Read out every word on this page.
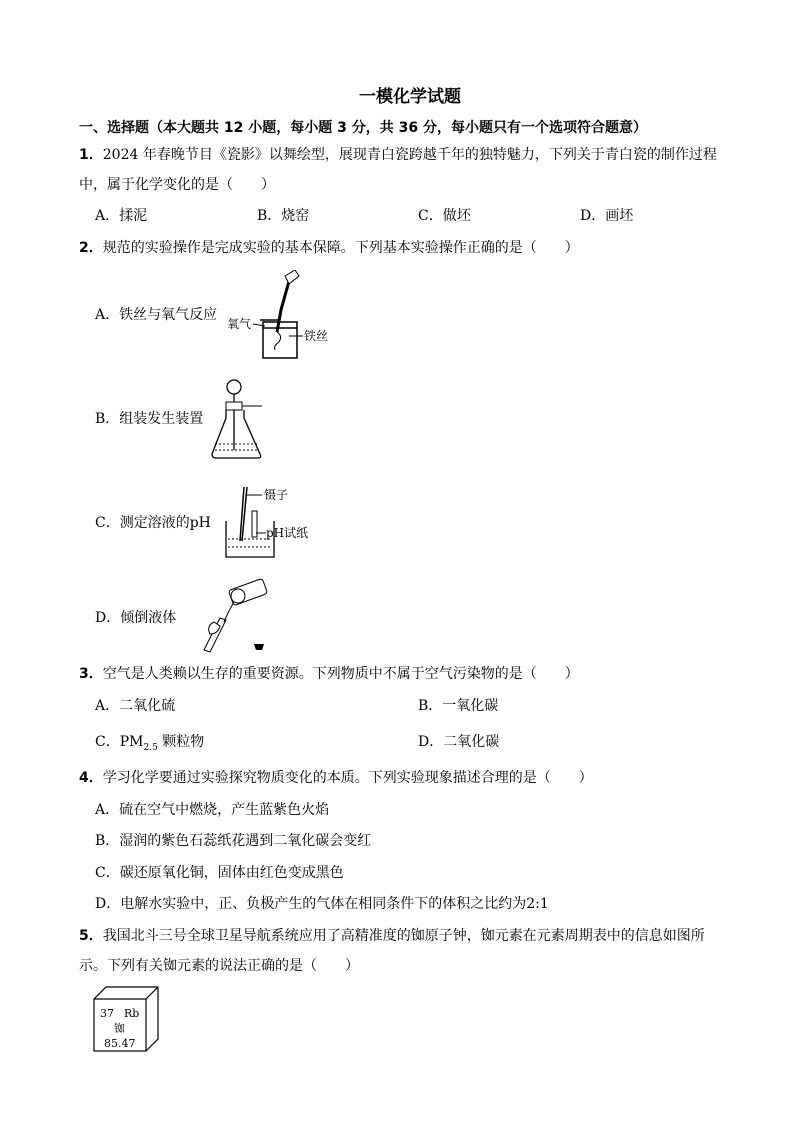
一模化学试题
一、选择题（本大题共 12 小题，每小题 3 分，共 36 分，每小题只有一个选项符合题意）
1．2024 年春晚节目《瓷影》以舞绘型，展现青白瓷跨越千年的独特魅力，下列关于青白瓷的制作过程
中，属于化学变化的是（　　）
A．揉泥	B．烧窑	C．做坯	D．画坯
2．规范的实验操作是完成实验的基本保障。下列基本实验操作正确的是（　　）
A．铁丝与氧气反应
氧气
铁丝
B．组装发生装置
C．测定溶液的pH
镊子
pH试纸
D．倾倒液体
3．空气是人类赖以生存的重要资源。下列物质中不属于空气污染物的是（　　）
A．二氧化硫	B．一氧化碳
C．$PM_{2.5}$ 颗粒物	D．二氧化碳
4．学习化学要通过实验探究物质变化的本质。下列实验现象描述合理的是（　　）
A．硫在空气中燃烧，产生蓝紫色火焰
B．湿润的紫色石蕊纸花遇到二氧化碳会变红
C．碳还原氧化铜，固体由红色变成黑色
D．电解水实验中，正、负极产生的气体在相同条件下的体积之比约为2:1
5．我国北斗三号全球卫星导航系统应用了高精准度的铷原子钟，铷元素在元素周期表中的信息如图所
示。下列有关铷元素的说法正确的是（　　）
37 Rb
铷
85.47
